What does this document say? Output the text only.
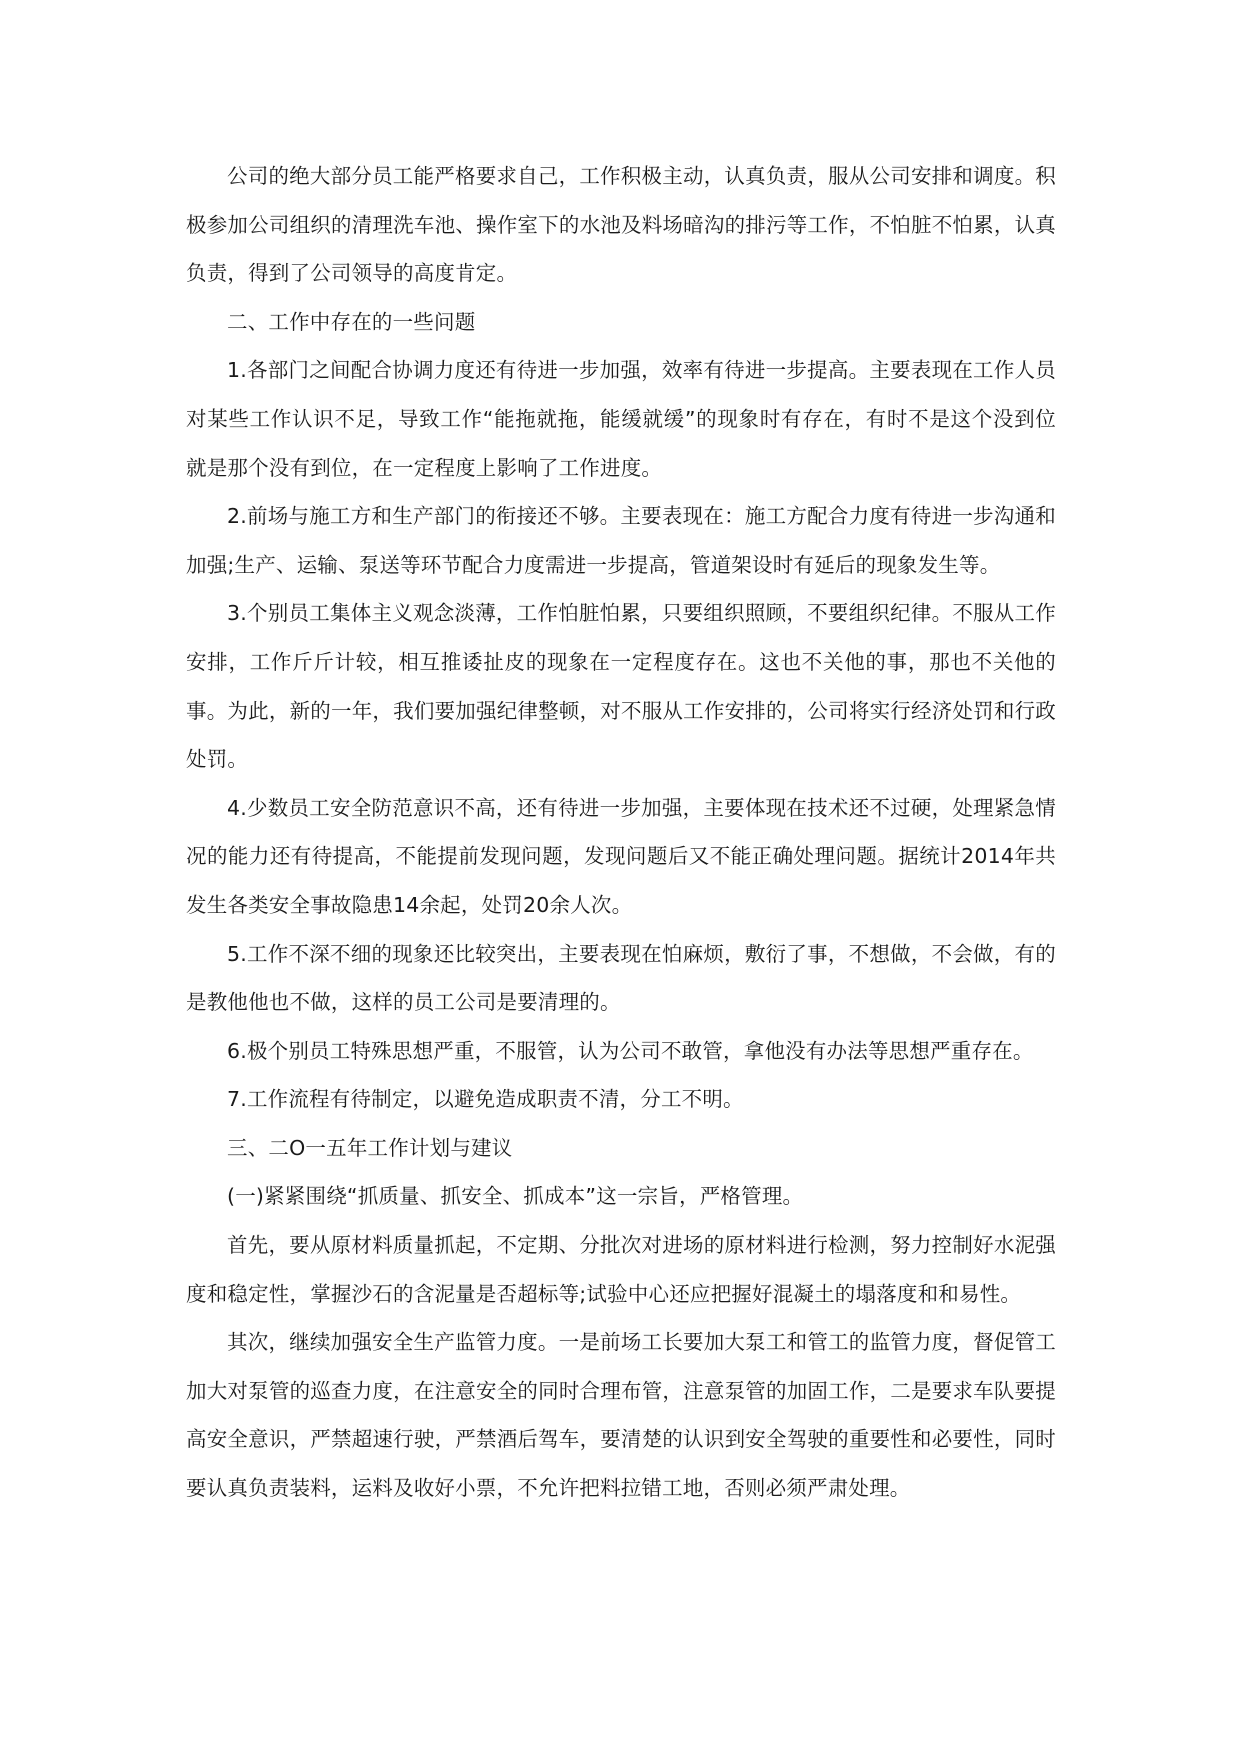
公司的绝大部分员工能严格要求自己，工作积极主动，认真负责，服从公司安排和调度。积极参加公司组织的清理洗车池、操作室下的水池及料场暗沟的排污等工作，不怕脏不怕累，认真负责，得到了公司领导的高度肯定。

二、工作中存在的一些问题

1.各部门之间配合协调力度还有待进一步加强，效率有待进一步提高。主要表现在工作人员对某些工作认识不足，导致工作“能拖就拖，能缓就缓”的现象时有存在，有时不是这个没到位就是那个没有到位，在一定程度上影响了工作进度。

2.前场与施工方和生产部门的衔接还不够。主要表现在：施工方配合力度有待进一步沟通和加强;生产、运输、泵送等环节配合力度需进一步提高，管道架设时有延后的现象发生等。

3.个别员工集体主义观念淡薄，工作怕脏怕累，只要组织照顾，不要组织纪律。不服从工作安排，工作斤斤计较，相互推诿扯皮的现象在一定程度存在。这也不关他的事，那也不关他的事。为此，新的一年，我们要加强纪律整顿，对不服从工作安排的，公司将实行经济处罚和行政处罚。

4.少数员工安全防范意识不高，还有待进一步加强，主要体现在技术还不过硬，处理紧急情况的能力还有待提高，不能提前发现问题，发现问题后又不能正确处理问题。据统计2014年共发生各类安全事故隐患14余起，处罚20余人次。

5.工作不深不细的现象还比较突出，主要表现在怕麻烦，敷衍了事，不想做，不会做，有的是教他他也不做，这样的员工公司是要清理的。

6.极个别员工特殊思想严重，不服管，认为公司不敢管，拿他没有办法等思想严重存在。

7.工作流程有待制定，以避免造成职责不清，分工不明。

三、二O一五年工作计划与建议

(一)紧紧围绕“抓质量、抓安全、抓成本”这一宗旨，严格管理。

首先，要从原材料质量抓起，不定期、分批次对进场的原材料进行检测，努力控制好水泥强度和稳定性，掌握沙石的含泥量是否超标等;试验中心还应把握好混凝土的塌落度和和易性。

其次，继续加强安全生产监管力度。一是前场工长要加大泵工和管工的监管力度，督促管工加大对泵管的巡查力度，在注意安全的同时合理布管，注意泵管的加固工作，二是要求车队要提高安全意识，严禁超速行驶，严禁酒后驾车，要清楚的认识到安全驾驶的重要性和必要性，同时要认真负责装料，运料及收好小票，不允许把料拉错工地，否则必须严肃处理。
